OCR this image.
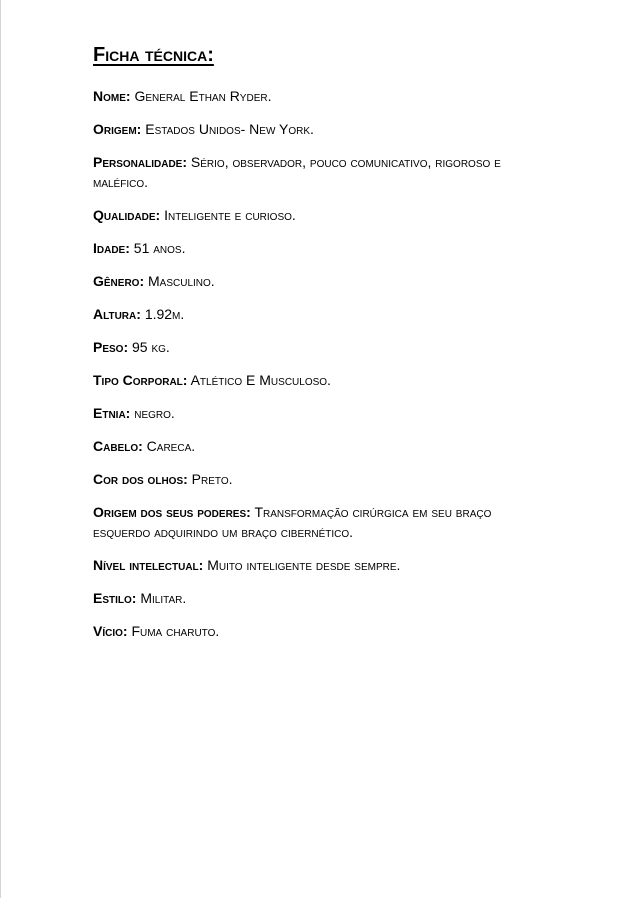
Ficha técnica:
Nome: General Ethan Ryder.
Origem: Estados Unidos- New York.
Personalidade: Sério, observador, pouco comunicativo, rigoroso e maléfico.
Qualidade: Inteligente e curioso.
Idade: 51 anos.
Gênero: Masculino.
Altura: 1.92m.
Peso: 95 kg.
Tipo Corporal: Atlético E Musculoso.
Etnia: negro.
Cabelo: Careca.
Cor dos olhos: Preto.
Origem dos seus poderes: Transformação cirúrgica em seu braço esquerdo adquirindo um braço cibernético.
Nível intelectual: Muito inteligente desde sempre.
Estilo: Militar.
Vício: Fuma charuto.
